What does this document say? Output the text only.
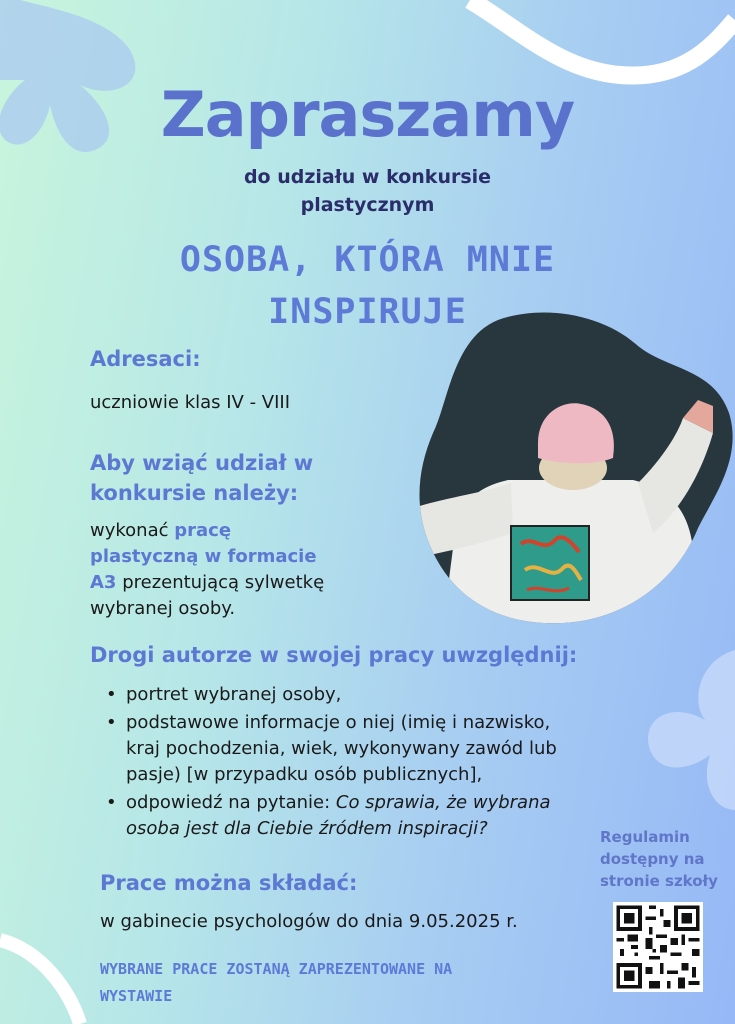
Zapraszamy
do udziału w konkursie
plastycznym
OSOBA, KTÓRA MNIE
INSPIRUJE
Adresaci:
uczniowie klas IV - VIII
Aby wziąć udział w
konkursie należy:
wykonać pracę
plastyczną w formacie
A3 prezentującą sylwetkę
wybranej osoby.
Drogi autorze w swojej pracy uwzględnij:
• portret wybranej osoby,
• podstawowe informacje o niej (imię i nazwisko,
kraj pochodzenia, wiek, wykonywany zawód lub
pasje) [w przypadku osób publicznych],
• odpowiedź na pytanie: Co sprawia, że wybrana
osoba jest dla Ciebie źródłem inspiracji?
Prace można składać:
w gabinecie psychologów do dnia 9.05.2025 r.
Regulamin
dostępny na
stronie szkoły
WYBRANE PRACE ZOSTANĄ ZAPREZENTOWANE NA
WYSTAWIE
